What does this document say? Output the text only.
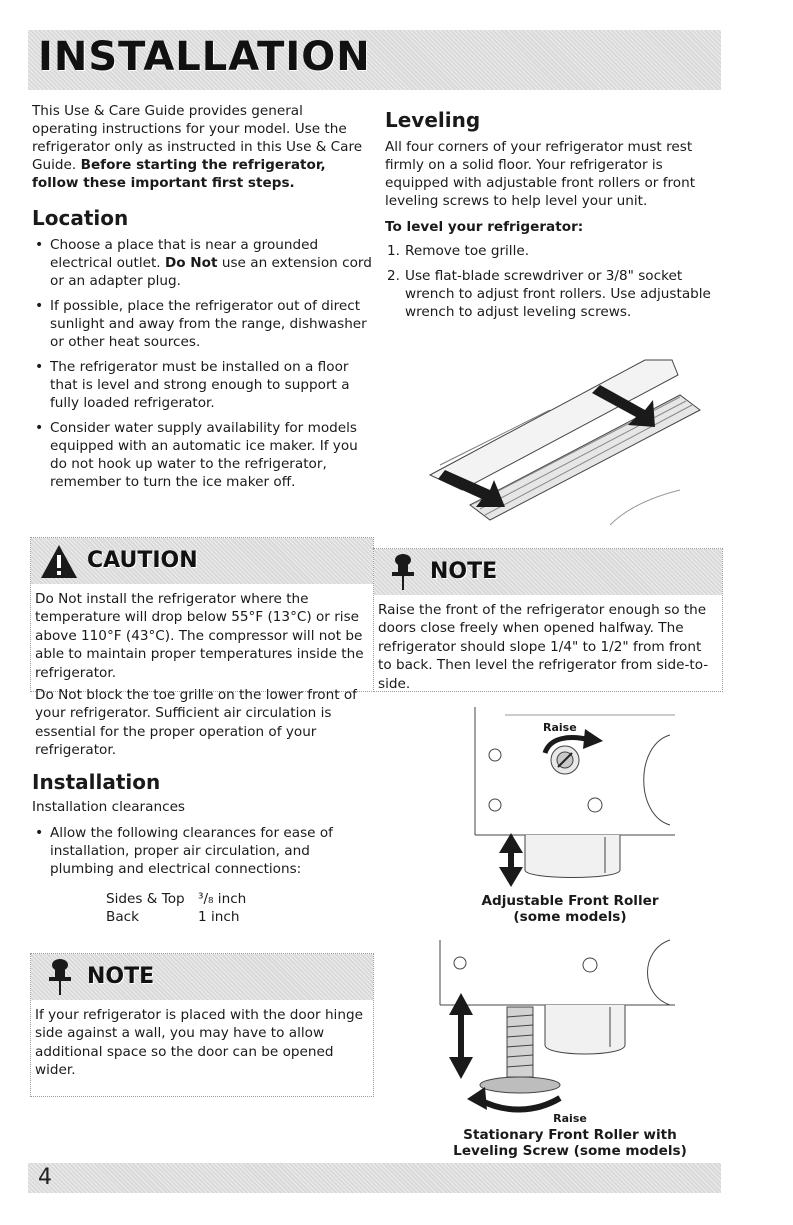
INSTALLATION

This Use & Care Guide provides general operating instructions for your model. Use the refrigerator only as instructed in this Use & Care Guide. Before starting the refrigerator, follow these important first steps.

Location
• Choose a place that is near a grounded electrical outlet. Do Not use an extension cord or an adapter plug.
• If possible, place the refrigerator out of direct sunlight and away from the range, dishwasher or other heat sources.
• The refrigerator must be installed on a floor that is level and strong enough to support a fully loaded refrigerator.
• Consider water supply availability for models equipped with an automatic ice maker. If you do not hook up water to the refrigerator, remember to turn the ice maker off.
CAUTION

Do Not install the refrigerator where the temperature will drop below 55°F (13°C) or rise above 110°F (43°C). The compressor will not be able to maintain proper temperatures inside the refrigerator.

Do Not block the toe grille on the lower front of your refrigerator. Sufficient air circulation is essential for the proper operation of your refrigerator.

Installation

Installation clearances

• Allow the following clearances for ease of installation, proper air circulation, and plumbing and electrical connections:
Sides & Top ³/₈ inch
Back	1 inch
NOTE

If your refrigerator is placed with the door hinge side against a wall, you may have to allow additional space so the door can be opened wider.

Leveling

All four corners of your refrigerator must rest firmly on a solid floor. Your refrigerator is equipped with adjustable front rollers or front leveling screws to help level your unit.

To level your refrigerator:

1. Remove toe grille.
2. Use flat-blade screwdriver or 3/8" socket wrench to adjust front rollers. Use adjustable wrench to adjust leveling screws.
NOTE

Raise the front of the refrigerator enough so the doors close freely when opened halfway. The refrigerator should slope 1/4" to 1/2" from front to back. Then level the refrigerator from side-to-side.

Raise
Adjustable Front Roller
(some models)
Raise
Stationary Front Roller with
Leveling Screw (some models)
4
